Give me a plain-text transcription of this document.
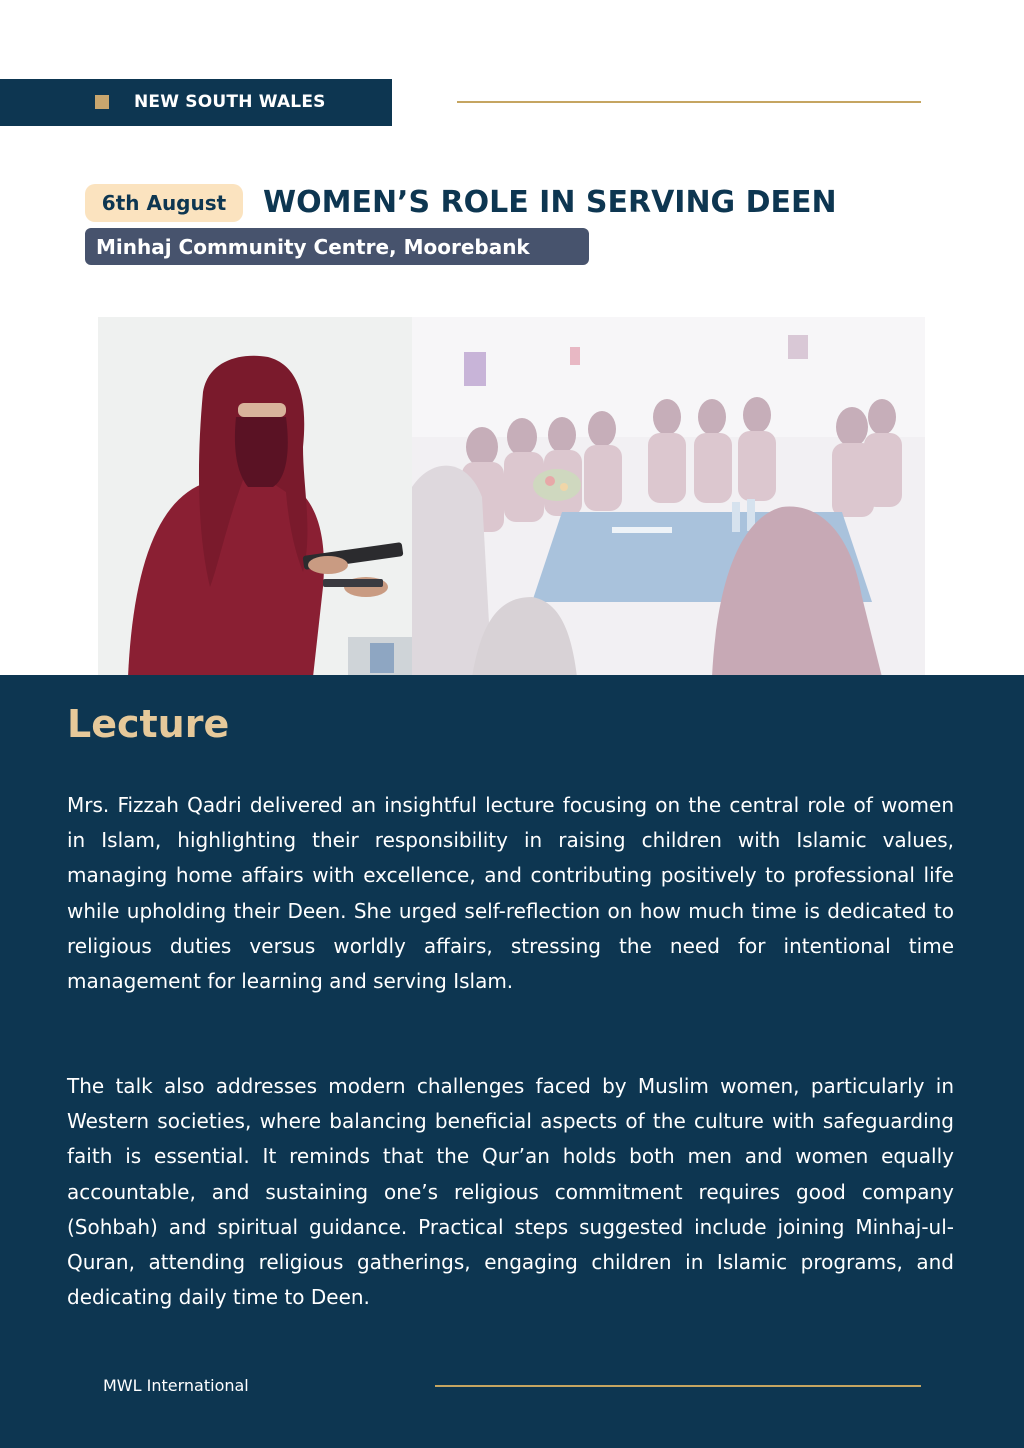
NEW SOUTH WALES
6th August	WOMEN’S ROLE IN SERVING DEEN
Minhaj Community Centre, Moorebank
Lecture

Mrs. Fizzah Qadri delivered an insightful lecture focusing on the central role of women in Islam, highlighting their responsibility in raising children with Islamic values, managing home affairs with excellence, and contributing positively to professional life while upholding their Deen. She urged self-reflection on how much time is dedicated to religious duties versus worldly affairs, stressing the need for intentional time management for learning and serving Islam.

The talk also addresses modern challenges faced by Muslim women, particularly in Western societies, where balancing beneficial aspects of the culture with safeguarding faith is essential. It reminds that the Qur’an holds both men and women equally accountable, and sustaining one’s religious commitment requires good company (Sohbah) and spiritual guidance. Practical steps suggested include joining Minhaj-ul-Quran, attending religious gatherings, engaging children in Islamic programs, and dedicating daily time to Deen.

MWL International
